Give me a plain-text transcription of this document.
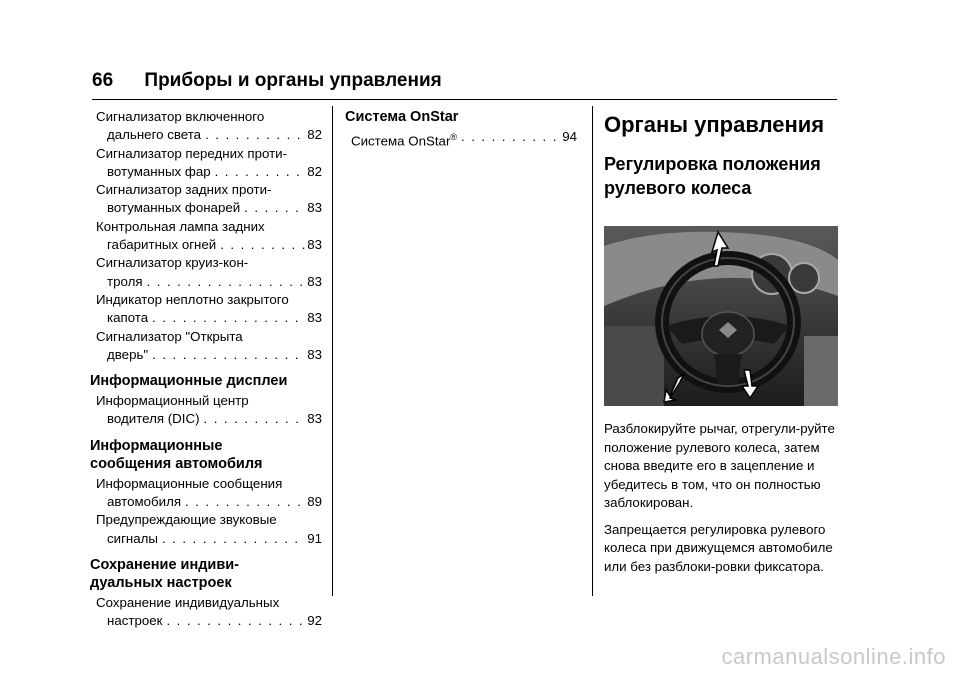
66 Приборы и органы управления
Сигнализатор включенного
дальнего света . . .	82
Сигнализатор передних проти-
вотуманных фар . . .	82
Сигнализатор задних проти-
вотуманных фонарей . . .	83
Контрольная лампа задних
габаритных огней . . .	83
Сигнализатор круиз-кон-
троля . . .	83
Индикатор неплотно закрытого
капота . . .	83
Сигнализатор "Открыта
дверь" . . .	83
Информационные дисплеи
Информационный центр
водителя (DIC) . . .	83
Информационные
сообщения автомобиля
Информационные сообщения
автомобиля . . .	89
Предупреждающие звуковые
сигналы . . .	91
Сохранение индиви-
дуальных настроек
Сохранение индивидуальных
настроек . . .	92
Система OnStar
Система OnStar® . . .	94 Органы управления
Регулировка положения
рулевого колеса

Разблокируйте рычаг, отрегули-руйте положение рулевого колеса, затем снова введите его в зацепление и убедитесь в том, что он полностью заблокирован.

Запрещается регулировка рулевого колеса при движущемся автомобиле или без разблоки-ровки фиксатора.

carmanualsonline.info
